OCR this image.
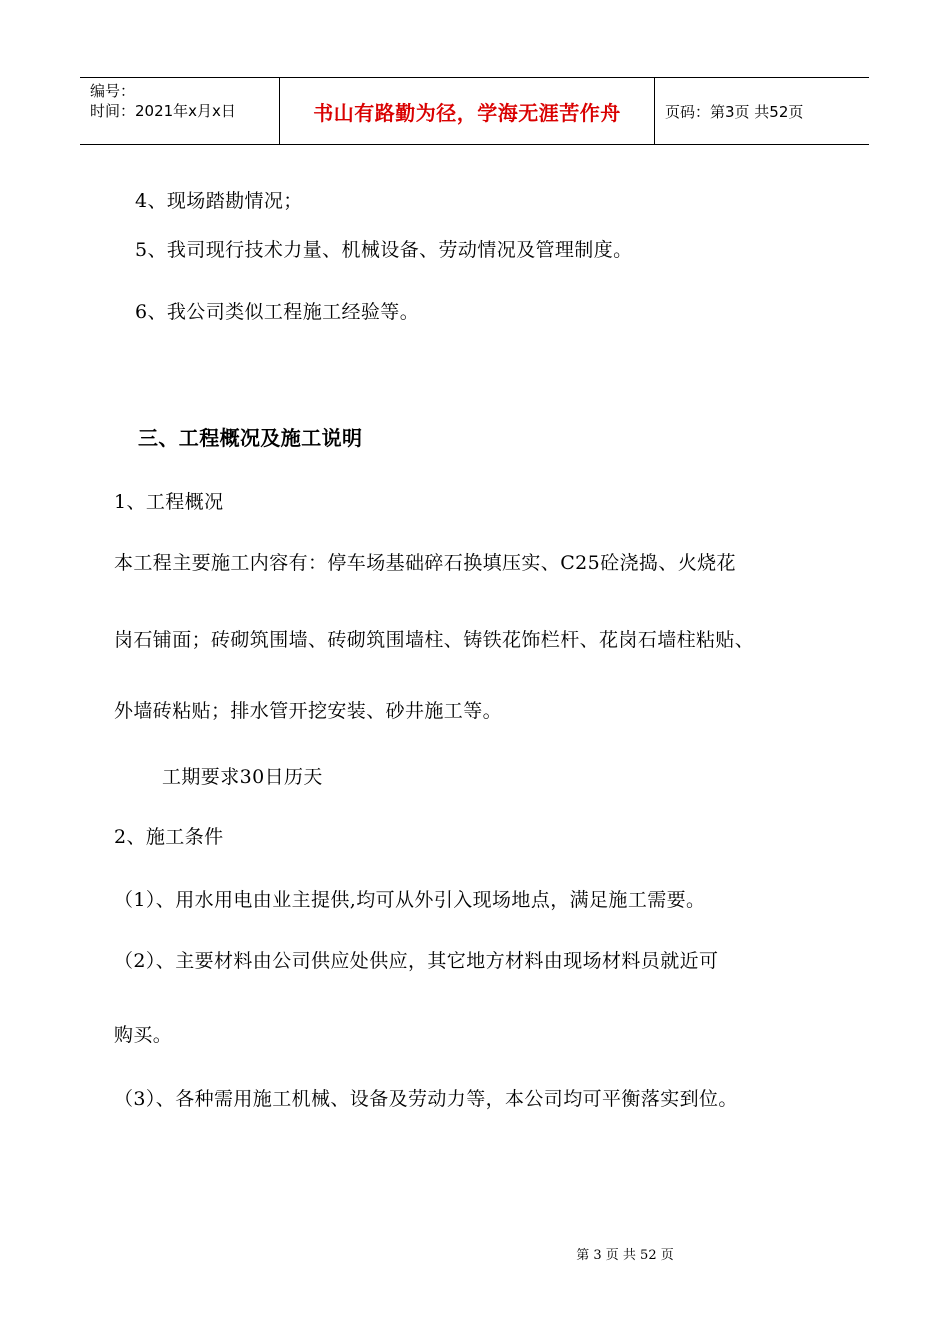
编号：
时间：2021年x月x日	书山有路勤为径，学海无涯苦作舟	页码：第3页 共52页
4、现场踏勘情况；
5、我司现行技术力量、机械设备、劳动情况及管理制度。
6、我公司类似工程施工经验等。
三、工程概况及施工说明
1、工程概况
本工程主要施工内容有：停车场基础碎石换填压实、C25砼浇捣、火烧花
岗石铺面；砖砌筑围墙、砖砌筑围墙柱、铸铁花饰栏杆、花岗石墙柱粘贴、
外墙砖粘贴；排水管开挖安装、砂井施工等。
工期要求30日历天
2、施工条件
（1）、用水用电由业主提供,均可从外引入现场地点，满足施工需要。
（2）、主要材料由公司供应处供应，其它地方材料由现场材料员就近可
购买。
（3）、各种需用施工机械、设备及劳动力等，本公司均可平衡落实到位。
第 3 页 共 52 页
